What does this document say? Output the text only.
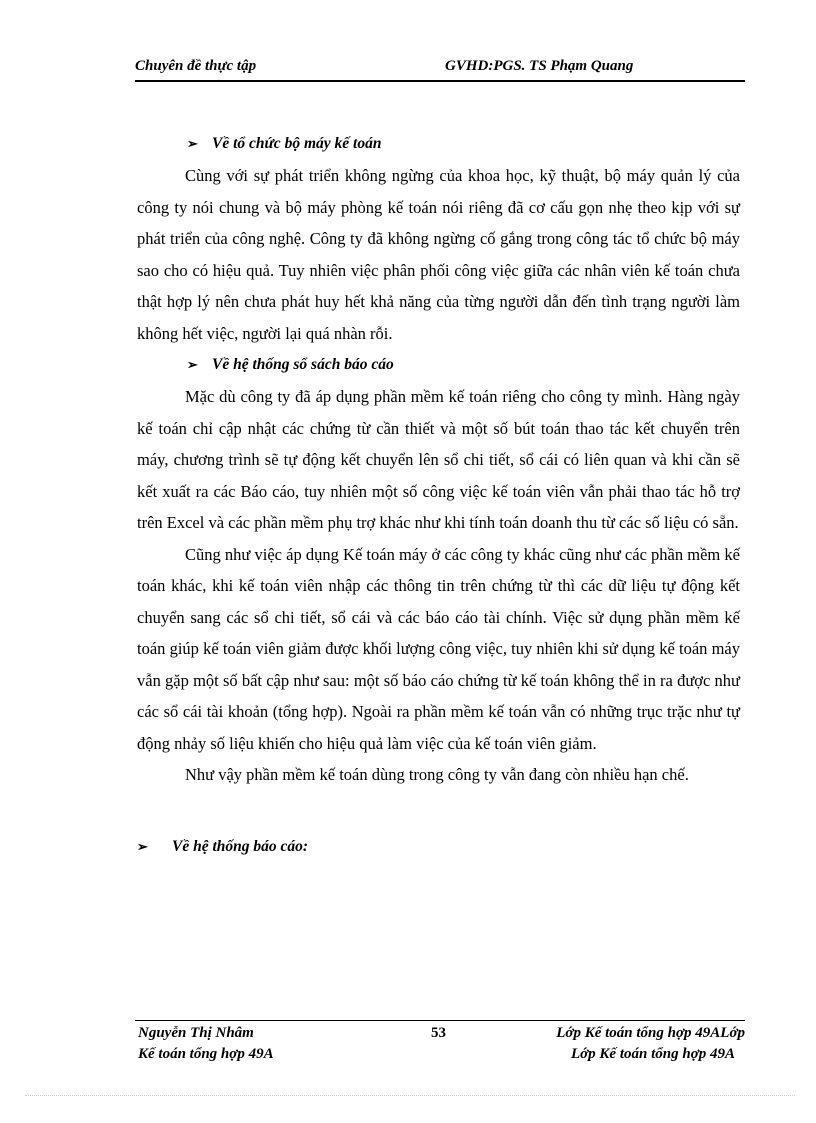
Chuyên đề thực tập	GVHD:PGS. TS Phạm Quang
➢ Về tổ chức bộ máy kế toán

Cùng với sự phát triển không ngừng của khoa học, kỹ thuật, bộ máy quản lý của công ty nói chung và bộ máy phòng kế toán nói riêng đã cơ cấu gọn nhẹ theo kịp với sự phát triển của công nghệ. Công ty đã không ngừng cố gắng trong công tác tổ chức bộ máy sao cho có hiệu quả. Tuy nhiên việc phân phối công việc giữa các nhân viên kế toán chưa thật hợp lý nên chưa phát huy hết khả năng của từng người dẫn đến tình trạng người làm không hết việc, người lại quá nhàn rỗi.

➢ Về hệ thống sổ sách báo cáo

Mặc dù công ty đã áp dụng phần mềm kế toán riêng cho công ty mình. Hàng ngày kế toán chỉ cập nhật các chứng từ cần thiết và một số bút toán thao tác kết chuyển trên máy, chương trình sẽ tự động kết chuyển lên sổ chi tiết, sổ cái có liên quan và khi cần sẽ kết xuất ra các Báo cáo, tuy nhiên một số công việc kế toán viên vẫn phải thao tác hỗ trợ trên Excel và các phần mềm phụ trợ khác như khi tính toán doanh thu từ các số liệu có sẵn.

Cũng như việc áp dụng Kế toán máy ở các công ty khác cũng như các phần mềm kế toán khác, khi kế toán viên nhập các thông tin trên chứng từ thì các dữ liệu tự động kết chuyển sang các sổ chi tiết, sổ cái và các báo cáo tài chính. Việc sử dụng phần mềm kế toán giúp kế toán viên giảm được khối lượng công việc, tuy nhiên khi sử dụng kế toán máy vẫn gặp một số bất cập như sau: một số báo cáo chứng từ kế toán không thể in ra được như các sổ cái tài khoản (tổng hợp). Ngoài ra phần mềm kế toán vẫn có những trục trặc như tự động nhảy số liệu khiến cho hiệu quả làm việc của kế toán viên giảm.

Như vậy phần mềm kế toán dùng trong công ty vẫn đang còn nhiều hạn chế.

➢ Về hệ thống báo cáo:
Nguyễn Thị Nhâm
Kế toán tổng hợp 49A
53	Lớp Kế toán tổng hợp 49ALớp
Lớp Kế toán tổng hợp 49A
